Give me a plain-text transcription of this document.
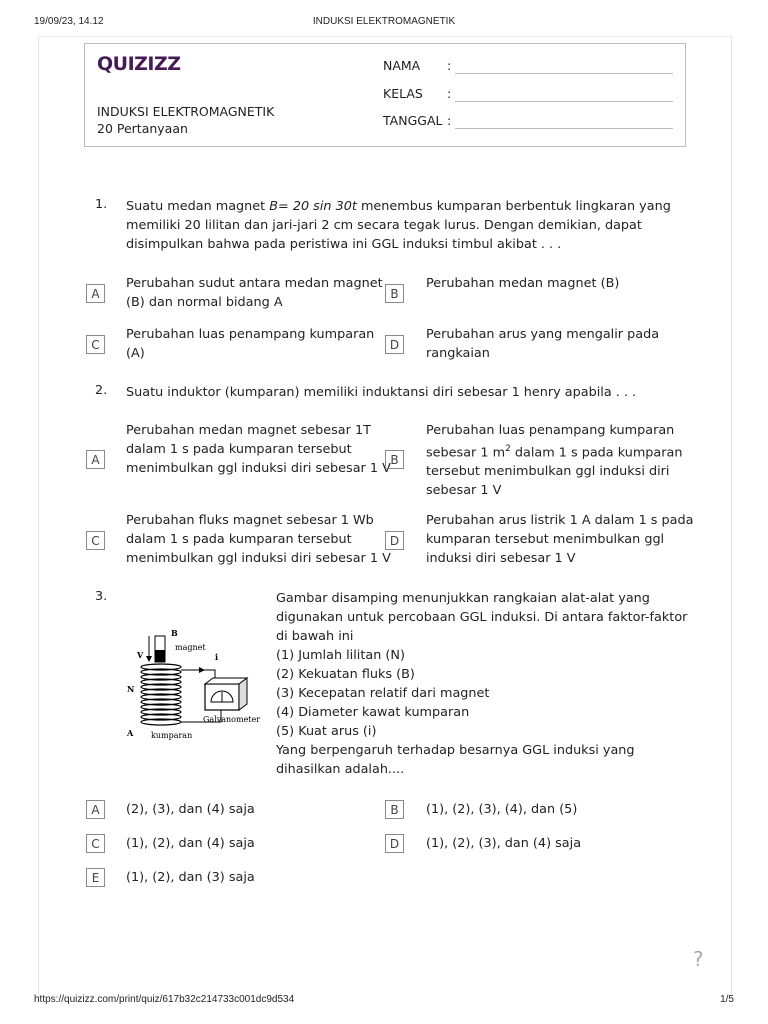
19/09/23, 14.12	INDUKSI ELEKTROMAGNETIK
QUIZIZZ
INDUKSI ELEKTROMAGNETIK
20 Pertanyaan
NAMA :
KELAS :
TANGGAL :
1. Suatu medan magnet B= 20 sin 30t menembus kumparan berbentuk lingkaran yang
memiliki 20 lilitan dan jari-jari 2 cm secara tegak lurus. Dengan demikian, dapat
disimpulkan bahwa pada peristiwa ini GGL induksi timbul akibat . . .
A
Perubahan sudut antara medan magnet
(B) dan normal bidang A
B
Perubahan medan magnet (B)
C
Perubahan luas penampang kumparan
(A)
D
Perubahan arus yang mengalir pada
rangkaian
2. Suatu induktor (kumparan) memiliki induktansi diri sebesar 1 henry apabila . . .
A
Perubahan medan magnet sebesar 1T
dalam 1 s pada kumparan tersebut
menimbulkan ggl induksi diri sebesar 1 V
B
Perubahan luas penampang kumparan
sebesar 1 $m^2$ dalam 1 s pada kumparan
tersebut menimbulkan ggl induksi diri
sebesar 1 V
C
Perubahan fluks magnet sebesar 1 Wb
dalam 1 s pada kumparan tersebut
menimbulkan ggl induksi diri sebesar 1 V
D
Perubahan arus listrik 1 A dalam 1 s pada
kumparan tersebut menimbulkan ggl
induksi diri sebesar 1 V
3.
B
magnet
V	i
N
Galvanometer
A kumparan
Gambar disamping menunjukkan rangkaian alat-alat yang
digunakan untuk percobaan GGL induksi. Di antara faktor-faktor
di bawah ini
(1) Jumlah lilitan (N)
(2) Kekuatan fluks (B)
(3) Kecepatan relatif dari magnet
(4) Diameter kawat kumparan
(5) Kuat arus (i)
Yang berpengaruh terhadap besarnya GGL induksi yang
dihasilkan adalah....
A	(2), (3), dan (4) saja	B	(1), (2), (3), (4), dan (5)
C	(1), (2), dan (4) saja	D	(1), (2), (3), dan (4) saja
E	(1), (2), dan (3) saja
?
https://quizizz.com/print/quiz/617b32c214733c001dc9d534	1/5
